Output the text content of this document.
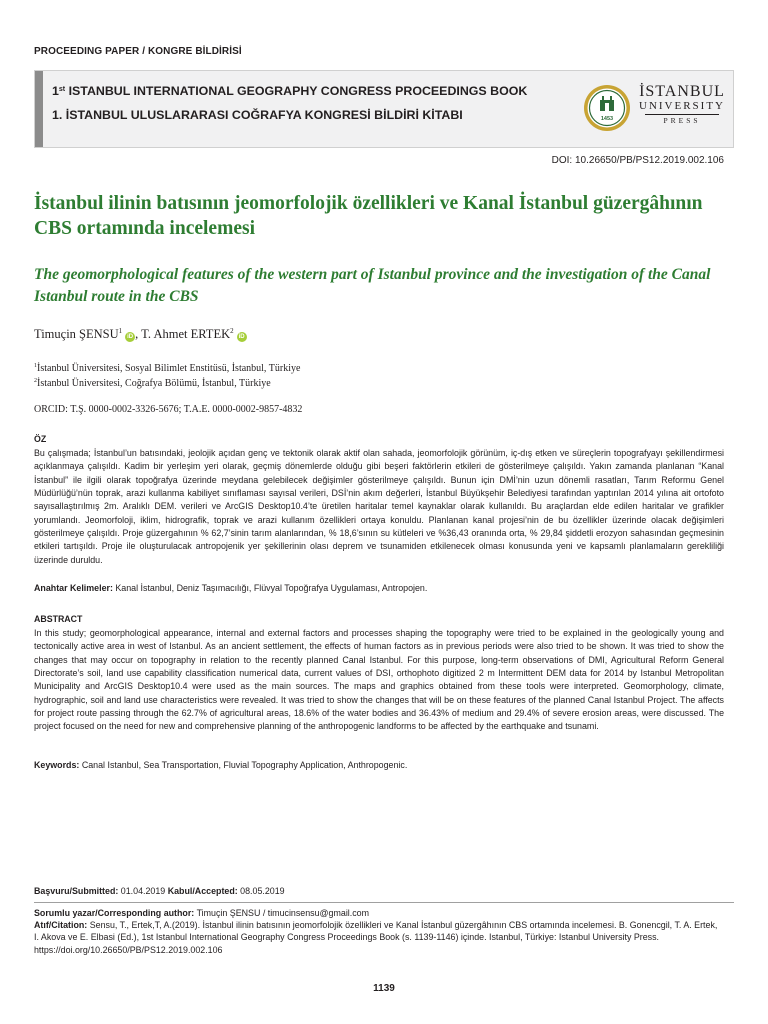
PROCEEDING PAPER / KONGRE BİLDİRİSİ
1st ISTANBUL INTERNATIONAL GEOGRAPHY CONGRESS PROCEEDINGS BOOK
1. İSTANBUL ULUSLARARASI COĞRAFYA KONGRESİ BİLDİRİ KİTABI	1453
İSTANBUL
UNIVERSITY
PRESS
DOI: 10.26650/PB/PS12.2019.002.106
İstanbul ilinin batısının jeomorfolojik özellikleri ve Kanal İstanbul güzergâhının CBS ortamında incelemesi
The geomorphological features of the western part of Istanbul province and the investigation of the Canal Istanbul route in the CBS
Timuçin ŞENSU$^1$iD , T. Ahmet ERTEK$^2$iD
$^1$İstanbul Üniversitesi, Sosyal Bilimlet Enstitüsü, İstanbul, Türkiye
$^2$İstanbul Üniversitesi, Coğrafya Bölümü, İstanbul, Türkiye
ORCID: T.Ş. 0000-0002-3326-5676; T.A.E. 0000-0002-9857-4832
ÖZ
Bu çalışmada; İstanbul’un batısındaki, jeolojik açıdan genç ve tektonik olarak aktif olan sahada, jeomorfolojik görünüm, iç-dış etken ve süreçlerin topografyayı şekillendirmesi açıklanmaya çalışıldı. Kadim bir yerleşim yeri olarak, geçmiş dönemlerde olduğu gibi beşeri faktörlerin etkileri de gösterilmeye çalışıldı. Yakın zamanda planlanan “Kanal İstanbul” ile ilgili olarak topoğrafya üzerinde meydana gelebilecek değişimler gösterilmeye çalışıldı. Bunun için DMİ’nin uzun dönemli rasatları, Tarım Reformu Genel Müdürlüğü’nün toprak, arazi kullanma kabiliyet sınıflaması sayısal verileri, DSİ’nin akım değerleri, İstanbul Büyükşehir Belediyesi tarafından yaptırılan 2014 yılına ait ortofoto sayısallaştırılmış 2m. Aralıklı DEM. verileri ve ArcGIS Desktop10.4’te üretilen haritalar temel kaynaklar olarak kullanıldı. Bu araçlardan elde edilen haritalar ve grafikler yorumlandı. Jeomorfoloji, iklim, hidrografik, toprak ve arazi kullanım özellikleri ortaya konuldu. Planlanan kanal projesi’nin de bu özellikler üzerinde olacak değişimleri gösterilmeye çalışıldı. Proje güzergahının % 62,7’sinin tarım alanlarından, % 18,6’sının su kütleleri ve %36,43 oranında orta, % 29,84 şiddetli erozyon sahasından geçmesinin etkileri tartışıldı. Proje ile oluşturulacak antropojenik yer şekillerinin olası deprem ve tsunamiden etkilenecek olması konusunda yeni ve kapsamlı planlamaların gerekliliği üzerinde duruldu.
Anahtar Kelimeler: Kanal İstanbul, Deniz Taşımacılığı, Flüvyal Topoğrafya Uygulaması, Antropojen.
ABSTRACT
In this study; geomorphological appearance, internal and external factors and processes shaping the topography were tried to be explained in the geologically young and tectonically active area in west of Istanbul. As an ancient settlement, the effects of human factors as in previous periods were also tried to be shown. It was tried to show the changes that may occur on topography in relation to the recently planned Canal Istanbul. For this purpose, long-term observations of DMI, Agricultural Reform General Directorate’s soil, land use capability classification numerical data, current values of DSI, orthophoto digitized 2 m Intermittent DEM data for 2014 by Istanbul Metropolitan Municipality and ArcGIS Desktop10.4 were used as the main sources. The maps and graphics obtained from these tools were interpreted. Geomorphology, climate, hydrographic, soil and land use characteristics were revealed. It was tried to show the changes that will be on these features of the planned Canal Istanbul Project. The affects for project route passing through the 62.7% of agricultural areas, 18.6% of the water bodies and 36.43% of medium and 29.4% of severe erosion areas, were discussed. The project focused on the need for new and comprehensive planning of the anthropogenic landforms to be affected by the earthquake and tsunami.
Keywords: Canal Istanbul, Sea Transportation, Fluvial Topography Application, Anthropogenic.
Başvuru/Submitted: 01.04.2019 Kabul/Accepted: 08.05.2019
Sorumlu yazar/Corresponding author: Timuçin ŞENSU / timucinsensu@gmail.com
Atıf/Citation: Sensu, T., Ertek,T, A.(2019). İstanbul ilinin batısının jeomorfolojik özellikleri ve Kanal İstanbul güzergâhının CBS ortamında incelemesi. B. Gonencgil, T. A. Ertek, I. Akova ve E. Elbasi (Ed.), 1st Istanbul International Geography Congress Proceedings Book (s. 1139-1146) içinde. Istanbul, Türkiye: Istanbul University Press. https://doi.org/10.26650/PB/PS12.2019.002.106
1139
